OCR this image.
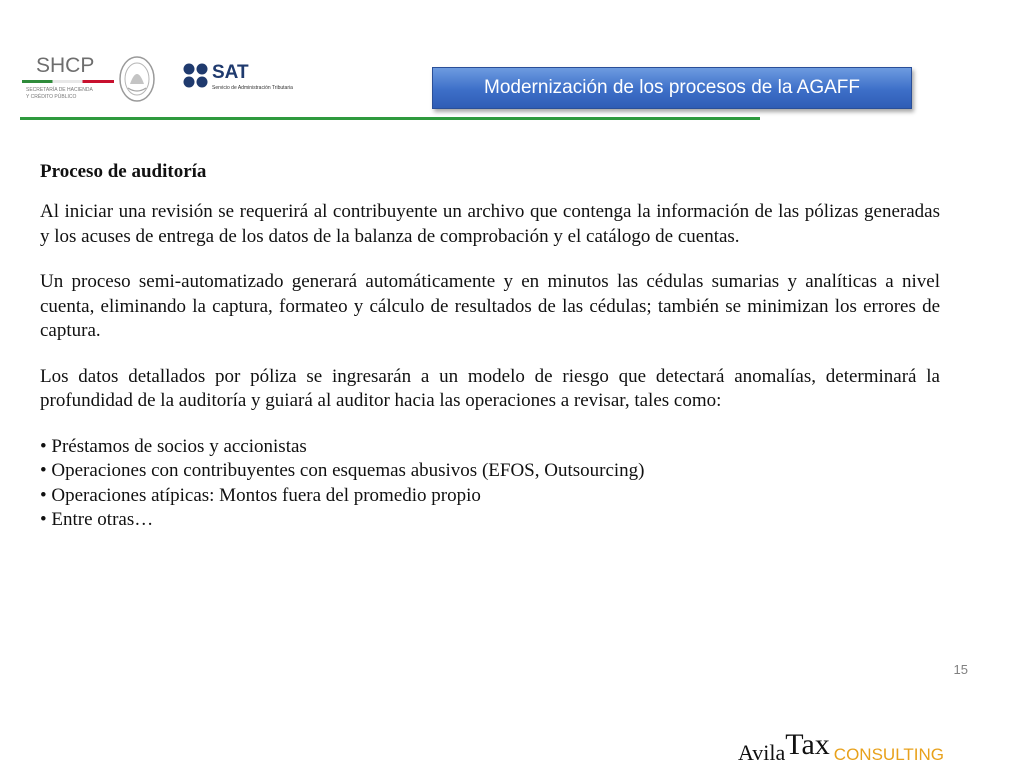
SHCP
SECRETARÍA DE HACIENDA
Y CRÉDITO PÚBLICO
SAT
Servicio de Administración Tributaria	Modernización de los procesos de la AGAFF
Proceso de auditoría

Al iniciar una revisión se requerirá al contribuyente un archivo que contenga la información de las pólizas generadas y los acuses de entrega de los datos de la balanza de comprobación y el catálogo de cuentas.

Un proceso semi-automatizado generará automáticamente y en minutos las cédulas sumarias y analíticas a nivel cuenta, eliminando la captura, formateo y cálculo de resultados de las cédulas; también se minimizan los errores de captura.

Los datos detallados por póliza se ingresarán a un modelo de riesgo que detectará anomalías, determinará la profundidad de la auditoría y guiará al auditor hacia las operaciones a revisar, tales como:

• Préstamos de socios y accionistas
• Operaciones con contribuyentes con esquemas abusivos (EFOS, Outsourcing)
• Operaciones atípicas: Montos fuera del promedio propio
• Entre otras…
15
AvilaTax CONSULTING
